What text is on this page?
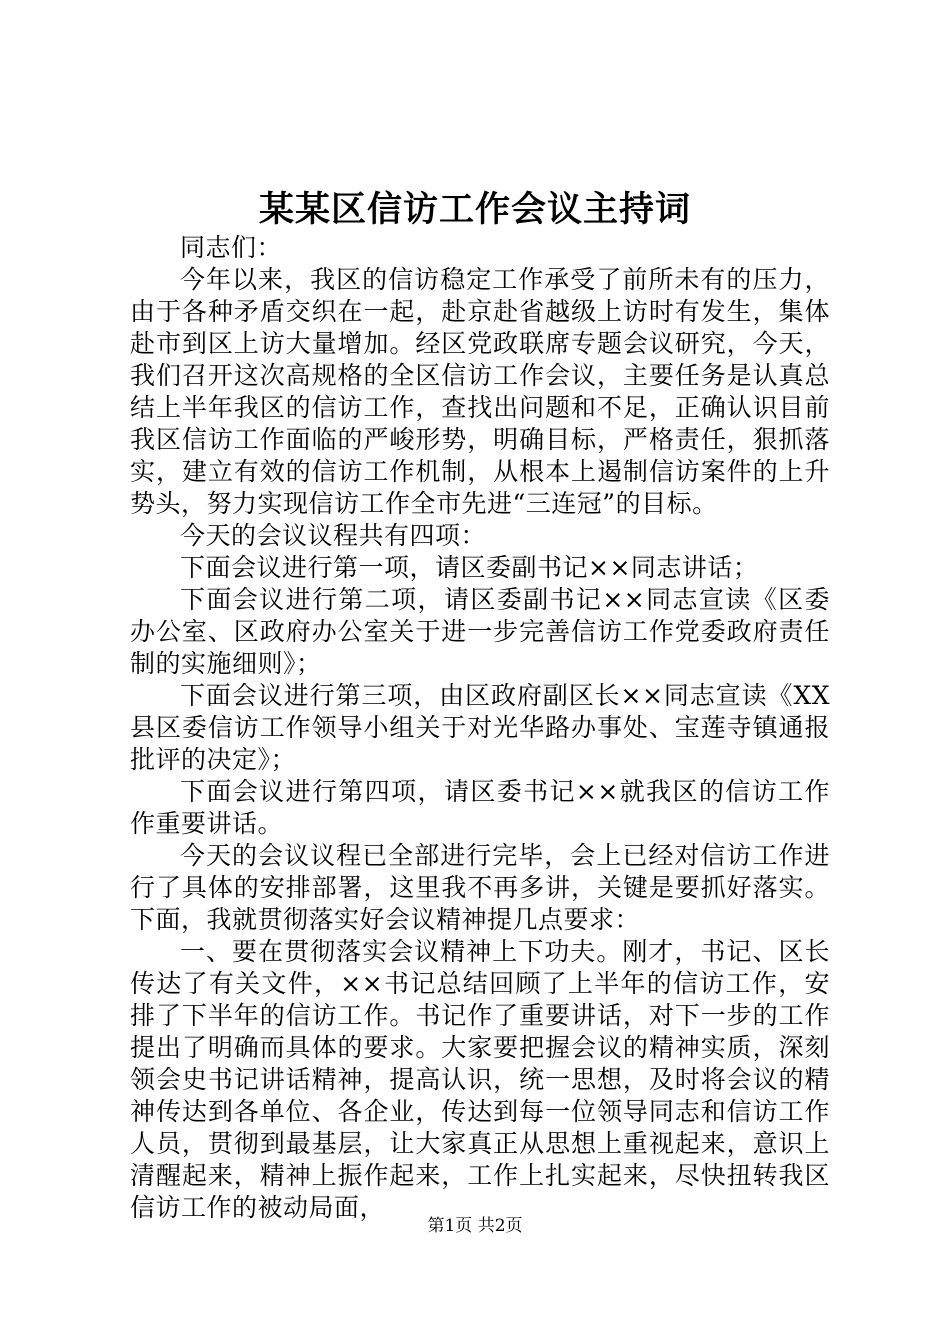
某某区信访工作会议主持词

同志们：

今年以来，我区的信访稳定工作承受了前所未有的压力，由于各种矛盾交织在一起，赴京赴省越级上访时有发生，集体赴市到区上访大量增加。经区党政联席专题会议研究，今天，我们召开这次高规格的全区信访工作会议，主要任务是认真总结上半年我区的信访工作，查找出问题和不足，正确认识目前我区信访工作面临的严峻形势，明确目标，严格责任，狠抓落实，建立有效的信访工作机制，从根本上遏制信访案件的上升势头，努力实现信访工作全市先进“三连冠”的目标。

今天的会议议程共有四项：

下面会议进行第一项，请区委副书记××同志讲话；

下面会议进行第二项，请区委副书记××同志宣读《区委办公室、区政府办公室关于进一步完善信访工作党委政府责任制的实施细则》；

下面会议进行第三项，由区政府副区长××同志宣读《XX县区委信访工作领导小组关于对光华路办事处、宝莲寺镇通报批评的决定》；

下面会议进行第四项，请区委书记××就我区的信访工作作重要讲话。

今天的会议议程已全部进行完毕，会上已经对信访工作进行了具体的安排部署，这里我不再多讲，关键是要抓好落实。下面，我就贯彻落实好会议精神提几点要求：

一、要在贯彻落实会议精神上下功夫。刚才，书记、区长传达了有关文件，××书记总结回顾了上半年的信访工作，安排了下半年的信访工作。书记作了重要讲话，对下一步的工作提出了明确而具体的要求。大家要把握会议的精神实质，深刻领会史书记讲话精神，提高认识，统一思想，及时将会议的精神传达到各单位、各企业，传达到每一位领导同志和信访工作人员，贯彻到最基层，让大家真正从思想上重视起来，意识上清醒起来，精神上振作起来，工作上扎实起来，尽快扭转我区信访工作的被动局面，

第1页 共2页
